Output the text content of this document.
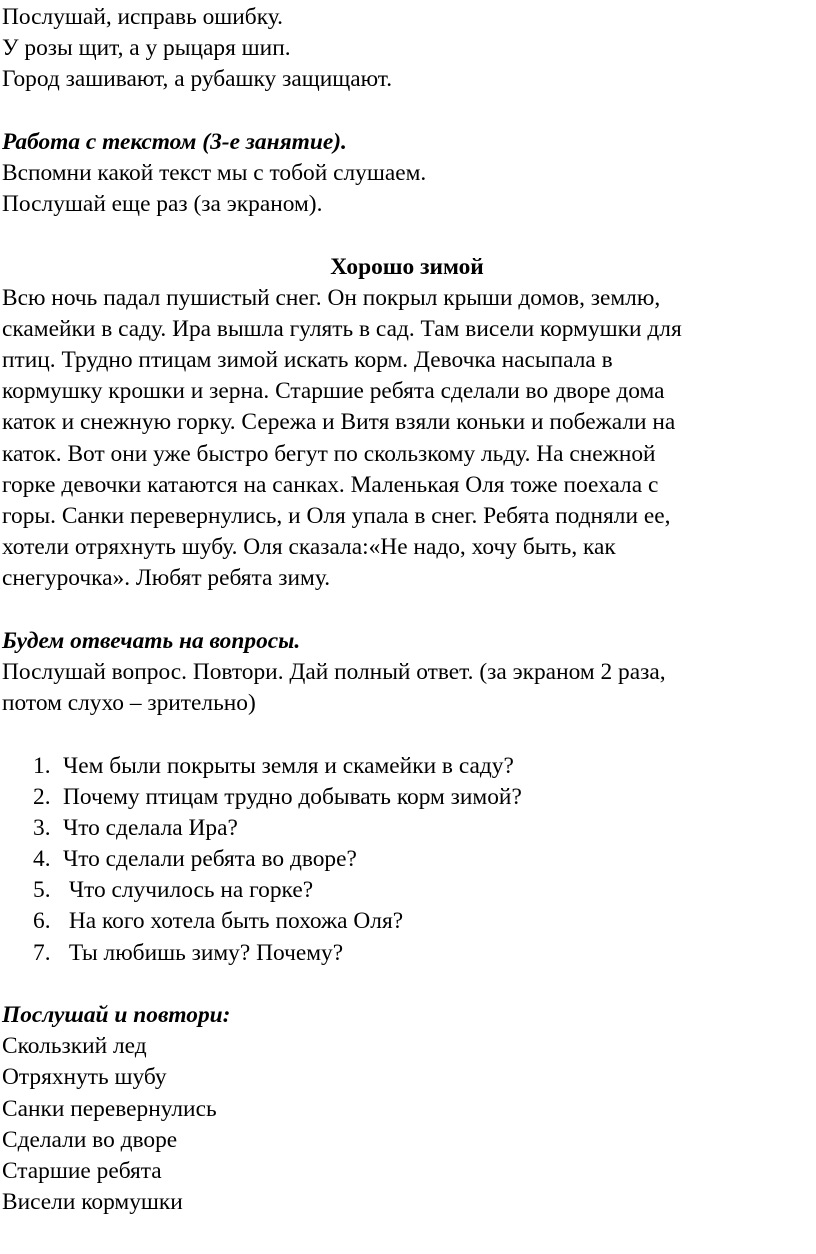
Послушай, исправь ошибку.
У розы щит, а у рыцаря шип.
Город зашивают, а рубашку защищают.
Работа с текстом (3-е занятие).
Вспомни какой текст мы с тобой слушаем.
Послушай еще раз (за экраном).
Хорошо зимой
Всю ночь падал пушистый снег. Он покрыл крыши домов, землю,
скамейки в саду. Ира вышла гулять в сад. Там висели кормушки для
птиц. Трудно птицам зимой искать корм. Девочка насыпала в
кормушку крошки и зерна. Старшие ребята сделали во дворе дома
каток и снежную горку. Сережа и Витя взяли коньки и побежали на
каток. Вот они уже быстро бегут по скользкому льду. На снежной
горке девочки катаются на санках. Маленькая Оля тоже поехала с
горы. Санки перевернулись, и Оля упала в снег. Ребята подняли ее,
хотели отряхнуть шубу. Оля сказала:«Не надо, хочу быть, как
снегурочка». Любят ребята зиму.
Будем отвечать на вопросы.
Послушай вопрос. Повтори. Дай полный ответ. (за экраном 2 раза,
потом слухо – зрительно)
1. Чем были покрыты земля и скамейки в саду?
2. Почему птицам трудно добывать корм зимой?
3. Что сделала Ира?
4. Что сделали ребята во дворе?
5. Что случилось на горке?
6. На кого хотела быть похожа Оля?
7. Ты любишь зиму? Почему?
Послушай и повтори:
Скользкий лед
Отряхнуть шубу
Санки перевернулись
Сделали во дворе
Старшие ребята
Висели кормушки
